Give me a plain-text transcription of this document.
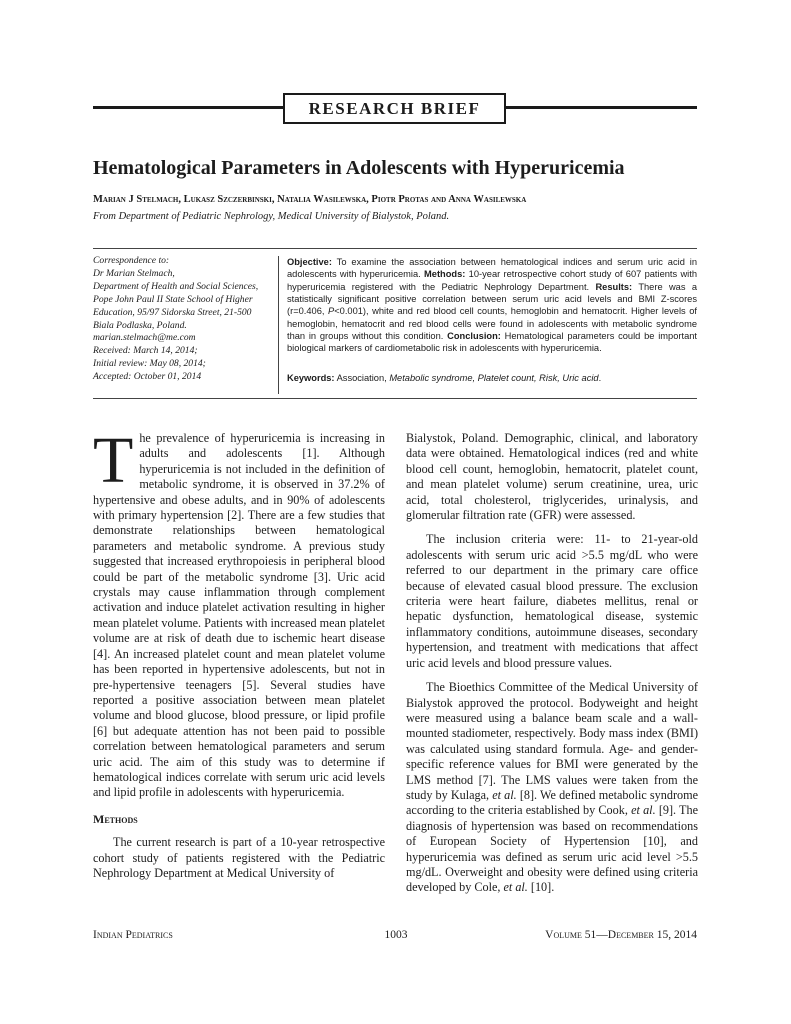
RESEARCH BRIEF
Hematological Parameters in Adolescents with Hyperuricemia
Marian J Stelmach, Lukasz Szczerbinski, Natalia Wasilewska, Piotr Protas and Anna Wasilewska
From Department of Pediatric Nephrology, Medical University of Bialystok, Poland.
Correspondence to:
Dr Marian Stelmach,
Department of Health and Social Sciences,
Pope John Paul II State School of Higher
Education, 95/97 Sidorska Street, 21-500
Biala Podlaska, Poland.
marian.stelmach@me.com
Received: March 14, 2014;
Initial review: May 08, 2014;
Accepted: October 01, 2014
Objective: To examine the association between hematological indices and serum uric acid in adolescents with hyperuricemia. Methods: 10-year retrospective cohort study of 607 patients with hyperuricemia registered with the Pediatric Nephrology Department. Results: There was a statistically significant positive correlation between serum uric acid levels and BMI Z-scores (r=0.406, P<0.001), white and red blood cell counts, hemoglobin and hematocrit. Higher levels of hemoglobin, hematocrit and red blood cells were found in adolescents with metabolic syndrome than in groups without this condition. Conclusion: Hematological parameters could be important biological markers of cardiometabolic risk in adolescents with hyperuricemia.
Keywords: Association, Metabolic syndrome, Platelet count, Risk, Uric acid.

The prevalence of hyperuricemia is increasing in adults and adolescents [1]. Although hyperuricemia is not included in the definition of metabolic syndrome, it is observed in 37.2% of hypertensive and obese adults, and in 90% of adolescents with primary hypertension [2]. There are a few studies that demonstrate relationships between hematological parameters and metabolic syndrome. A previous study suggested that increased erythropoiesis in peripheral blood could be part of the metabolic syndrome [3]. Uric acid crystals may cause inflammation through complement activation and induce platelet activation resulting in higher mean platelet volume. Patients with increased mean platelet volume are at risk of death due to ischemic heart disease [4]. An increased platelet count and mean platelet volume has been reported in hypertensive adolescents, but not in pre-hypertensive teenagers [5]. Several studies have reported a positive association between mean platelet volume and blood glucose, blood pressure, or lipid profile [6] but adequate attention has not been paid to possible correlation between hematological parameters and serum uric acid. The aim of this study was to determine if hematological indices correlate with serum uric acid levels and lipid profile in adolescents with hyperuricemia.

Methods

The current research is part of a 10-year retrospective cohort study of patients registered with the Pediatric Nephrology Department at Medical University of

Bialystok, Poland. Demographic, clinical, and laboratory data were obtained. Hematological indices (red and white blood cell count, hemoglobin, hematocrit, platelet count, and mean platelet volume) serum creatinine, urea, uric acid, total cholesterol, triglycerides, urinalysis, and glomerular filtration rate (GFR) were assessed.

The inclusion criteria were: 11- to 21-year-old adolescents with serum uric acid >5.5 mg/dL who were referred to our department in the primary care office because of elevated casual blood pressure. The exclusion criteria were heart failure, diabetes mellitus, renal or hepatic dysfunction, hematological disease, systemic inflammatory conditions, autoimmune diseases, secondary hypertension, and treatment with medications that affect uric acid levels and blood pressure values.

The Bioethics Committee of the Medical University of Bialystok approved the protocol. Bodyweight and height were measured using a balance beam scale and a wall-mounted stadiometer, respectively. Body mass index (BMI) was calculated using standard formula. Age- and gender-specific reference values for BMI were generated by the LMS method [7]. The LMS values were taken from the study by Kulaga, et al. [8]. We defined metabolic syndrome according to the criteria established by Cook, et al. [9]. The diagnosis of hypertension was based on recommendations of European Society of Hypertension [10], and hyperuricemia was defined as serum uric acid level >5.5 mg/dL. Overweight and obesity were defined using criteria developed by Cole, et al. [10].

Indian Pediatrics	1003	Volume 51—December 15, 2014
